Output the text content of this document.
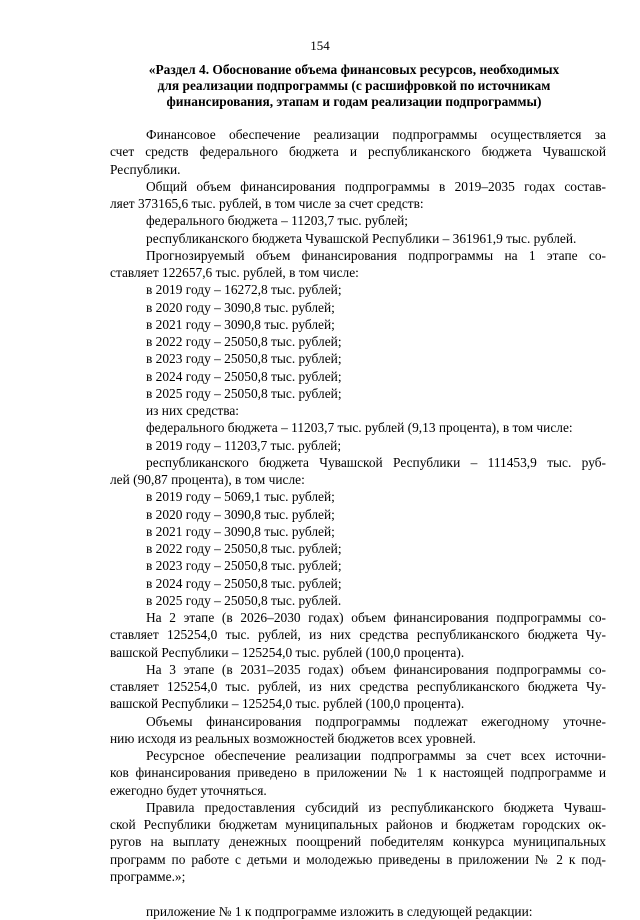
154
«Раздел 4. Обоснование объема финансовых ресурсов, необходимых
для реализации подпрограммы (с расшифровкой по источникам
финансирования, этапам и годам реализации подпрограммы)
Финансовое обеспечение реализации подпрограммы осуществляется за
счет средств федерального бюджета и республиканского бюджета Чувашской
Республики.
Общий объем финансирования подпрограммы в 2019–2035 годах состав-
ляет 373165,6 тыс. рублей, в том числе за счет средств:
федерального бюджета – 11203,7 тыс. рублей;
республиканского бюджета Чувашской Республики – 361961,9 тыс. рублей.
Прогнозируемый объем финансирования подпрограммы на 1 этапе со-
ставляет 122657,6 тыс. рублей, в том числе:
в 2019 году – 16272,8 тыс. рублей;
в 2020 году – 3090,8 тыс. рублей;
в 2021 году – 3090,8 тыс. рублей;
в 2022 году – 25050,8 тыс. рублей;
в 2023 году – 25050,8 тыс. рублей;
в 2024 году – 25050,8 тыс. рублей;
в 2025 году – 25050,8 тыс. рублей;
из них средства:
федерального бюджета – 11203,7 тыс. рублей (9,13 процента), в том числе:
в 2019 году – 11203,7 тыс. рублей;
республиканского бюджета Чувашской Республики – 111453,9 тыс. руб-
лей (90,87 процента), в том числе:
в 2019 году – 5069,1 тыс. рублей;
в 2020 году – 3090,8 тыс. рублей;
в 2021 году – 3090,8 тыс. рублей;
в 2022 году – 25050,8 тыс. рублей;
в 2023 году – 25050,8 тыс. рублей;
в 2024 году – 25050,8 тыс. рублей;
в 2025 году – 25050,8 тыс. рублей.
На 2 этапе (в 2026–2030 годах) объем финансирования подпрограммы со-
ставляет 125254,0 тыс. рублей, из них средства республиканского бюджета Чу-
вашской Республики – 125254,0 тыс. рублей (100,0 процента).
На 3 этапе (в 2031–2035 годах) объем финансирования подпрограммы со-
ставляет 125254,0 тыс. рублей, из них средства республиканского бюджета Чу-
вашской Республики – 125254,0 тыс. рублей (100,0 процента).
Объемы финансирования подпрограммы подлежат ежегодному уточне-
нию исходя из реальных возможностей бюджетов всех уровней.
Ресурсное обеспечение реализации подпрограммы за счет всех источни-
ков финансирования приведено в приложении № 1 к настоящей подпрограмме и
ежегодно будет уточняться.
Правила предоставления субсидий из республиканского бюджета Чуваш-
ской Республики бюджетам муниципальных районов и бюджетам городских ок-
ругов на выплату денежных поощрений победителям конкурса муниципальных
программ по работе с детьми и молодежью приведены в приложении № 2 к под-
программе.»;
приложение № 1 к подпрограмме изложить в следующей редакции:
